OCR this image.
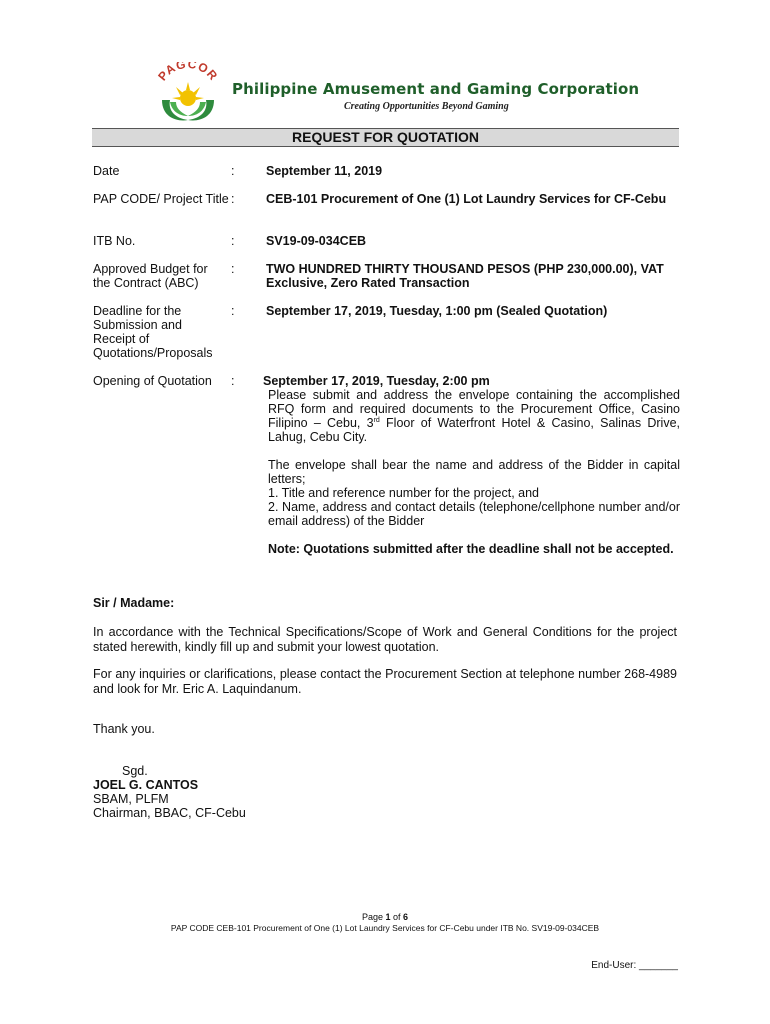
PAGCOR
Philippine Amusement and Gaming Corporation
Creating Opportunities Beyond Gaming
REQUEST FOR QUOTATION
Date	:	September 11, 2019
PAP CODE/ Project Title :	CEB-101 Procurement of One (1) Lot Laundry Services for CF-Cebu
ITB No.	:	SV19-09-034CEB
Approved Budget for the Contract (ABC)
:	TWO HUNDRED THIRTY THOUSAND PESOS (PHP 230,000.00), VAT Exclusive, Zero Rated Transaction
Deadline for the Submission and Receipt of Quotations/Proposals
:	September 17, 2019, Tuesday, 1:00 pm (Sealed Quotation)
Opening of Quotation	: September 17, 2019, Tuesday, 2:00 pm
Please submit and address the envelope containing the accomplished RFQ form and required documents to the Procurement Office, Casino Filipino – Cebu, 3rd Floor of Waterfront Hotel & Casino, Salinas Drive, Lahug, Cebu City.
The envelope shall bear the name and address of the Bidder in capital letters;
1. Title and reference number for the project, and
2. Name, address and contact details (telephone/cellphone number and/or email address) of the Bidder
Note: Quotations submitted after the deadline shall not be accepted.
Sir / Madame:
In accordance with the Technical Specifications/Scope of Work and General Conditions for the project stated herewith, kindly fill up and submit your lowest quotation.
For any inquiries or clarifications, please contact the Procurement Section at telephone number 268-4989 and look for Mr. Eric A. Laquindanum.
Thank you.
Sgd.
JOEL G. CANTOS
SBAM, PLFM
Chairman, BBAC, CF-Cebu
Page 1 of 6
PAP CODE CEB-101 Procurement of One (1) Lot Laundry Services for CF-Cebu under ITB No. SV19-09-034CEB
End-User: _______
